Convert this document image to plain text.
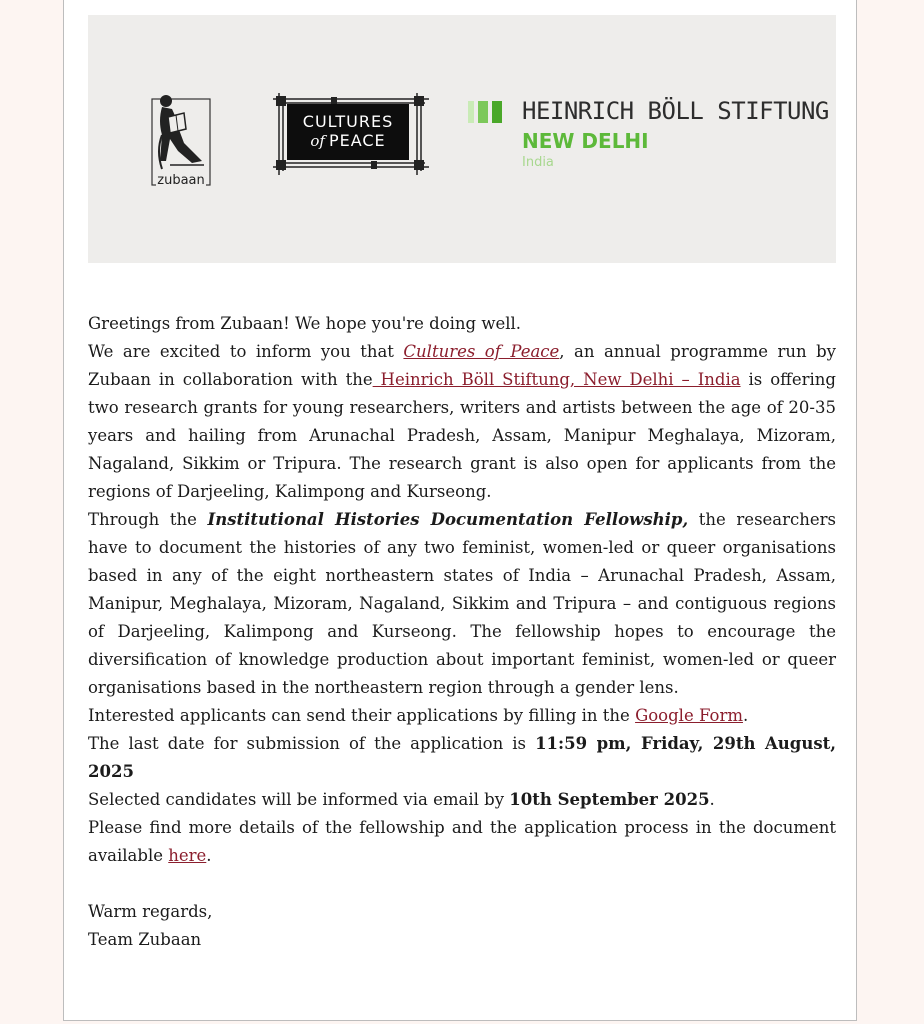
zubaan
CULTURES
of PEACE
HEINRICH BÖLL STIFTUNG
NEW DELHI
India

Greetings from Zubaan! We hope you're doing well.

We are excited to inform you that Cultures of Peace, an annual programme run by Zubaan in collaboration with the Heinrich Böll Stiftung, New Delhi – India is offering two research grants for young researchers, writers and artists between the age of 20-35 years and hailing from Arunachal Pradesh, Assam, Manipur Meghalaya, Mizoram, Nagaland, Sikkim or Tripura. The research grant is also open for applicants from the regions of Darjeeling, Kalimpong and Kurseong.

Through the Institutional Histories Documentation Fellowship, the researchers have to document the histories of any two feminist, women-led or queer organisations based in any of the eight northeastern states of India – Arunachal Pradesh, Assam, Manipur, Meghalaya, Mizoram, Nagaland, Sikkim and Tripura – and contiguous regions of Darjeeling, Kalimpong and Kurseong. The fellowship hopes to encourage the diversification of knowledge production about important feminist, women-led or queer organisations based in the northeastern region through a gender lens.

Interested applicants can send their applications by filling in the Google Form.

The last date for submission of the application is 11:59 pm, Friday, 29th August, 2025

Selected candidates will be informed via email by 10th September 2025.

Please find more details of the fellowship and the application process in the document available here.

Warm regards,

Team Zubaan
